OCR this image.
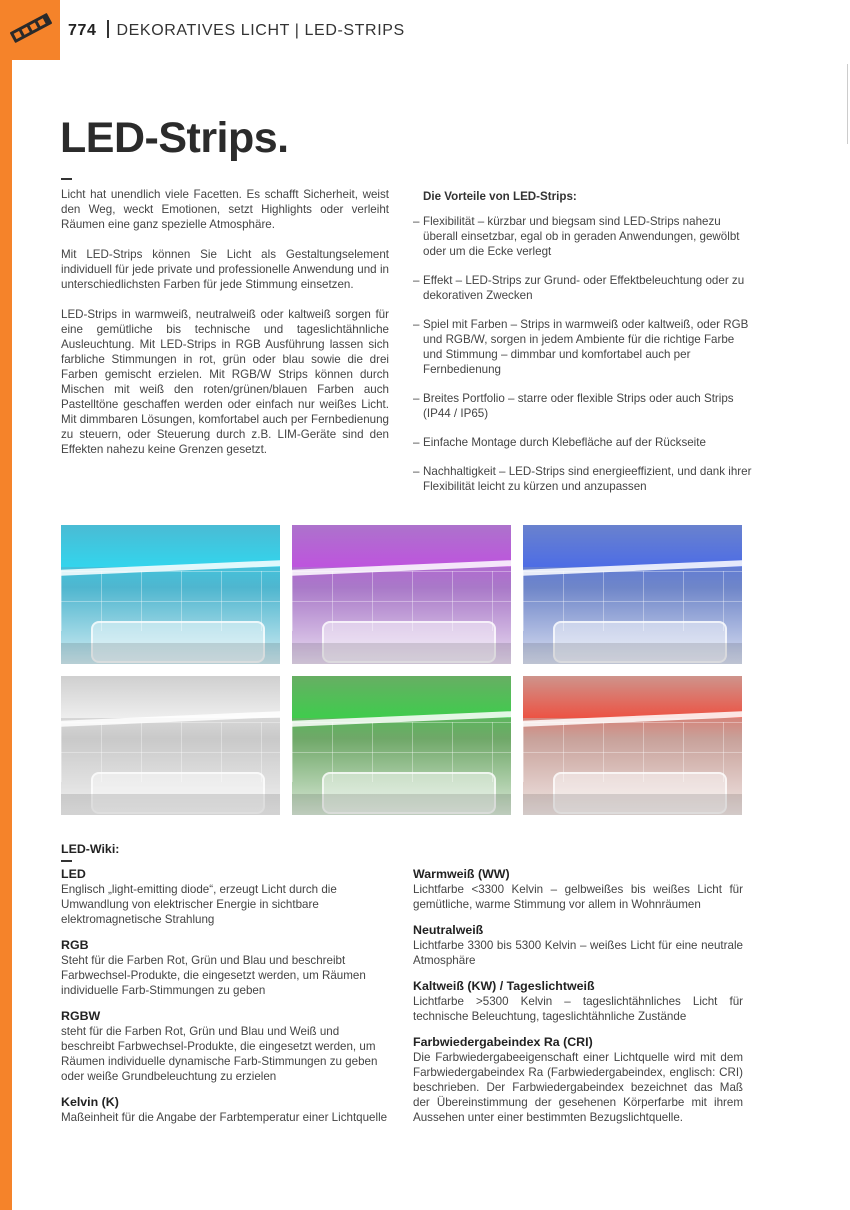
774 DEKORATIVES LICHT | LED-STRIPS
LED-Strips.

Licht hat unendlich viele Facetten. Es schafft Sicherheit, weist den Weg, weckt Emotionen, setzt Highlights oder verleiht Räumen eine ganz spezielle Atmosphäre.

Mit LED-Strips können Sie Licht als Gestaltungselement individuell für jede private und professionelle Anwendung und in unterschiedlichsten Farben für jede Stimmung einsetzen.

LED-Strips in warmweiß, neutralweiß oder kaltweiß sorgen für eine gemütliche bis technische und tageslichtähnliche Ausleuchtung. Mit LED-Strips in RGB Ausführung lassen sich farbliche Stimmungen in rot, grün oder blau sowie die drei Farben gemischt erzielen. Mit RGB/W Strips können durch Mischen mit weiß den roten/grünen/blauen Farben auch Pastelltöne geschaffen werden oder einfach nur weißes Licht. Mit dimmbaren Lösungen, komfortabel auch per Fernbedienung zu steuern, oder Steuerung durch z.B. LIM-Geräte sind den Effekten nahezu keine Grenzen gesetzt.

Die Vorteile von LED-Strips:
– Flexibilität – kürzbar und biegsam sind LED-Strips nahezu überall einsetzbar, egal ob in geraden Anwendungen, gewölbt oder um die Ecke verlegt
– Effekt – LED-Strips zur Grund- oder Effektbeleuchtung oder zu dekorativen Zwecken
– Spiel mit Farben – Strips in warmweiß oder kaltweiß, oder RGB und RGB/W, sorgen in jedem Ambiente für die richtige Farbe und Stimmung – dimmbar und komfortabel auch per Fernbedienung
– Breites Portfolio – starre oder flexible Strips oder auch Strips (IP44 / IP65)
– Einfache Montage durch Klebefläche auf der Rückseite
– Nachhaltigkeit – LED-Strips sind energieeffizient, und dank ihrer Flexibilität leicht zu kürzen und anzupassen
LED-Wiki:
LED

Englisch „light-emitting diode“, erzeugt Licht durch die Umwandlung von elektrischer Energie in sichtbare elektromagnetische Strahlung

RGB

Steht für die Farben Rot, Grün und Blau und beschreibt Farbwechsel-Produkte, die eingesetzt werden, um Räumen individuelle Farb-Stimmungen zu geben

RGBW

steht für die Farben Rot, Grün und Blau und Weiß und beschreibt Farbwechsel-Produkte, die eingesetzt werden, um Räumen individuelle dynamische Farb-Stimmungen zu geben oder weiße Grundbeleuchtung zu erzielen

Kelvin (K)

Maßeinheit für die Angabe der Farbtemperatur einer Lichtquelle

Warmweiß (WW)

Lichtfarbe <3300 Kelvin – gelbweißes bis weißes Licht für gemütliche, warme Stimmung vor allem in Wohnräumen

Neutralweiß

Lichtfarbe 3300 bis 5300 Kelvin – weißes Licht für eine neutrale Atmosphäre

Kaltweiß (KW) / Tageslichtweiß

Lichtfarbe >5300 Kelvin – tageslichtähnliches Licht für technische Beleuchtung, tageslichtähnliche Zustände

Farbwiedergabeindex Ra (CRI)

Die Farbwiedergabeeigenschaft einer Lichtquelle wird mit dem Farbwiedergabeindex Ra (Farbwiedergabeindex, englisch: CRI) beschrieben. Der Farbwiedergabeindex bezeichnet das Maß der Übereinstimmung der gesehenen Körperfarbe mit ihrem Aussehen unter einer bestimmten Bezugslichtquelle.
